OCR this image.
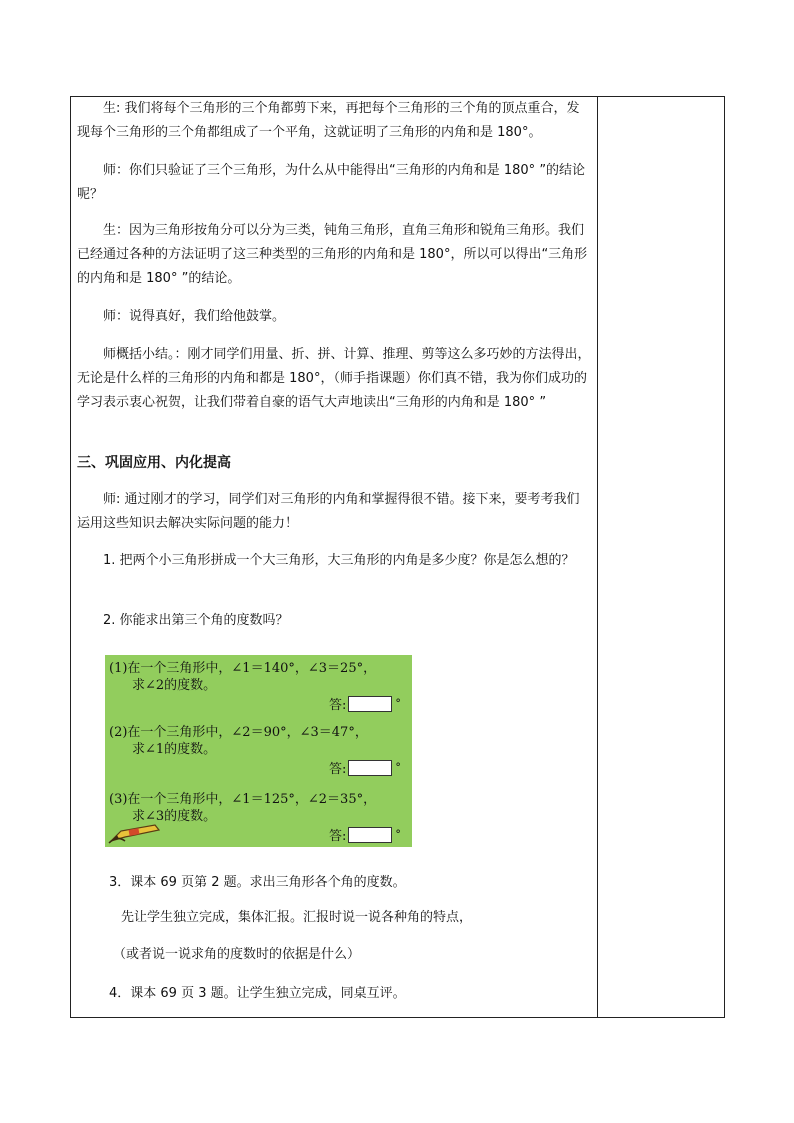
生: 我们将每个三角形的三个角都剪下来，再把每个三角形的三个角的顶点重合，发现每个三角形的三个角都组成了一个平角，这就证明了三角形的内角和是 180°。

师：你们只验证了三个三角形，为什么从中能得出“三角形的内角和是 180° ”的结论呢？

生：因为三角形按角分可以分为三类，钝角三角形，直角三角形和锐角三角形。我们已经通过各种的方法证明了这三种类型的三角形的内角和是 180°，所以可以得出“三角形的内角和是 180° ”的结论。

师：说得真好，我们给他鼓掌。

师概括小结。：刚才同学们用量、折、拼、计算、推理、剪等这么多巧妙的方法得出，无论是什么样的三角形的内角和都是 180°，（师手指课题）你们真不错，我为你们成功的学习表示衷心祝贺，让我们带着自豪的语气大声地读出“三角形的内角和是 180° ”

三、巩固应用、内化提高

师: 通过刚才的学习，同学们对三角形的内角和掌握得很不错。接下来，要考考我们运用这些知识去解决实际问题的能力！

1. 把两个小三角形拼成一个大三角形，大三角形的内角是多少度？你是怎么想的？

2. 你能求出第三个角的度数吗？

(1)在一个三角形中，∠1＝140°，∠3＝25°，
求∠2的度数。
答:	°
(2)在一个三角形中，∠2＝90°，∠3＝47°，
求∠1的度数。
答:	°
(3)在一个三角形中，∠1＝125°，∠2＝35°，
求∠3的度数。
答:	°

3．课本 69 页第 2 题。求出三角形各个角的度数。

先让学生独立完成，集体汇报。汇报时说一说各种角的特点，

（或者说一说求角的度数时的依据是什么）

4．课本 69 页 3 题。让学生独立完成，同桌互评。
